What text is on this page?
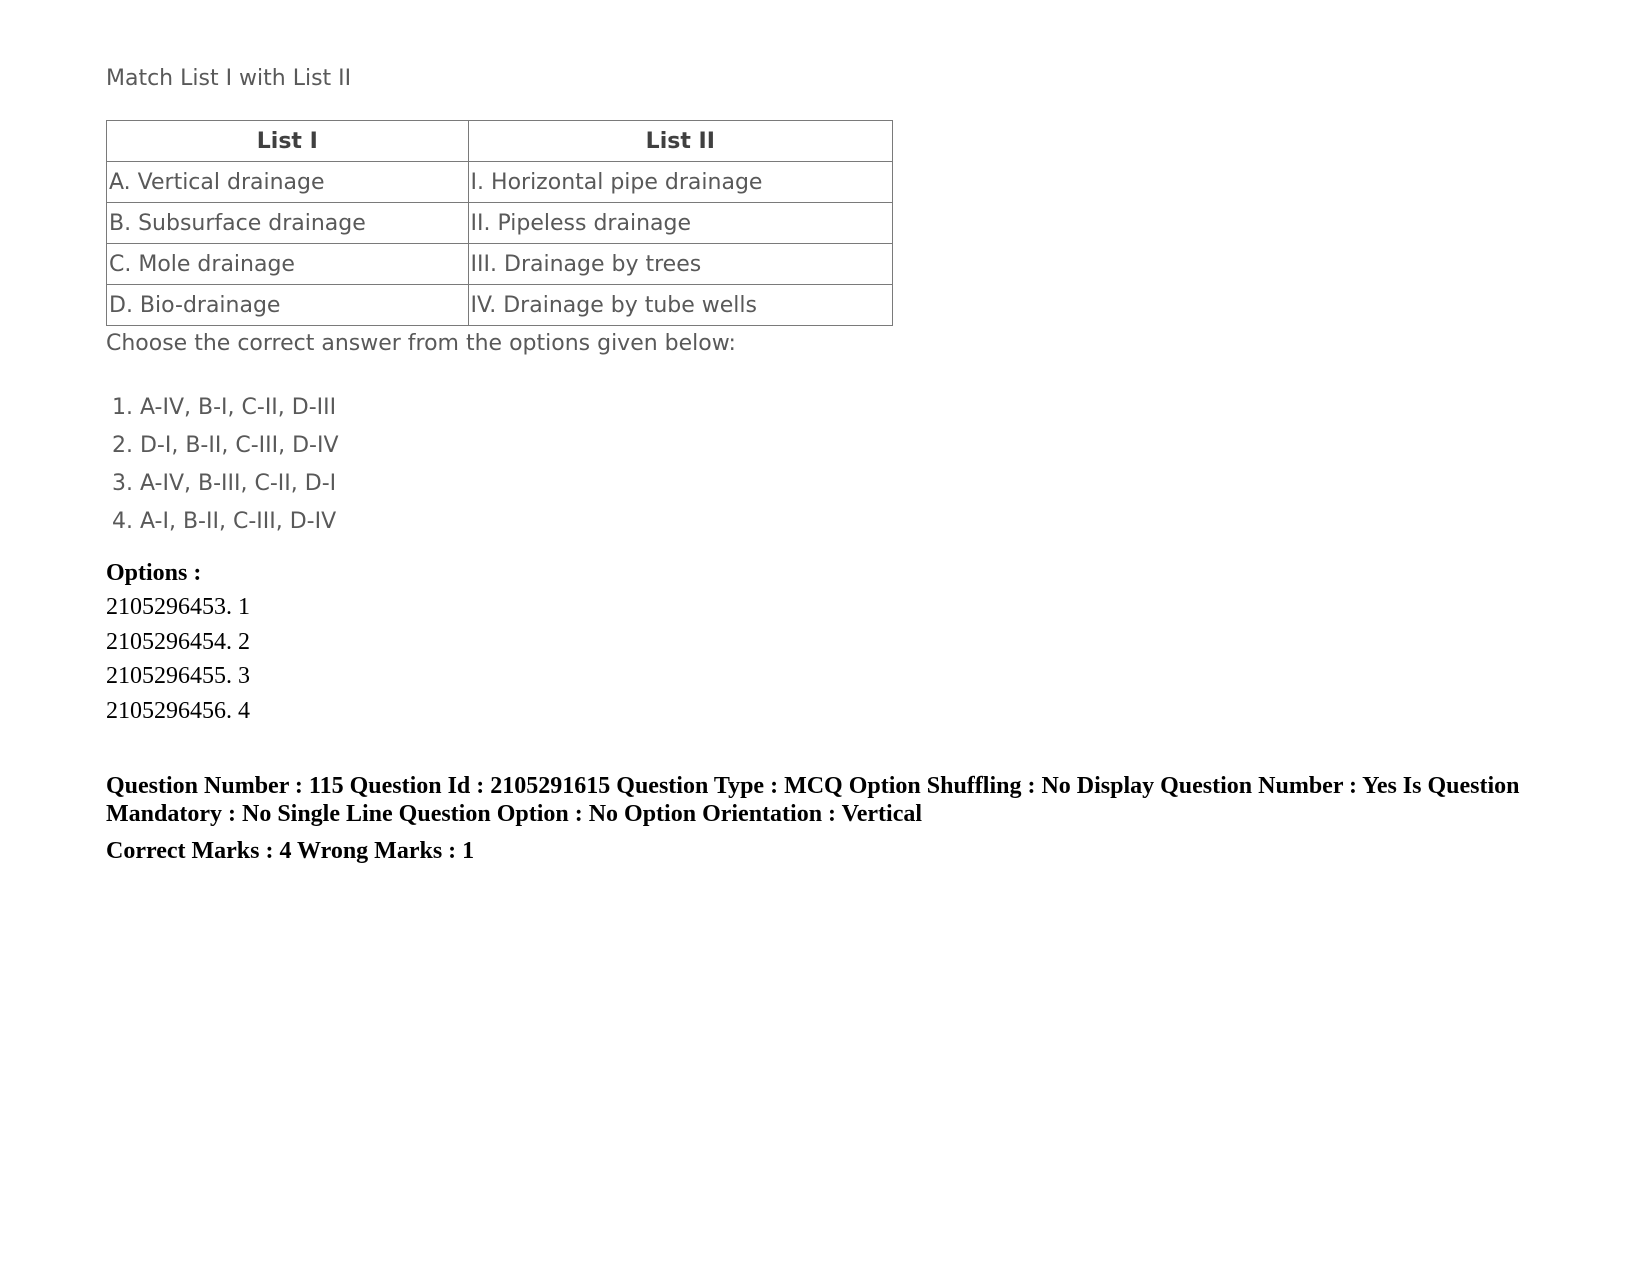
Match List I with List II

List I	List II
A. Vertical drainage	I. Horizontal pipe drainage
B. Subsurface drainage	II. Pipeless drainage
C. Mole drainage	III. Drainage by trees
D. Bio-drainage	IV. Drainage by tube wells

Choose the correct answer from the options given below:

1. A-IV, B-I, C-II, D-III
2. D-I, B-II, C-III, D-IV
3. A-IV, B-III, C-II, D-I
4. A-I, B-II, C-III, D-IV
Options :
2105296453. 1
2105296454. 2
2105296455. 3
2105296456. 4
Question Number : 115 Question Id : 2105291615 Question Type : MCQ Option Shuffling : No Display Question Number : Yes Is Question Mandatory : No Single Line Question Option : No Option Orientation : Vertical
Correct Marks : 4 Wrong Marks : 1
